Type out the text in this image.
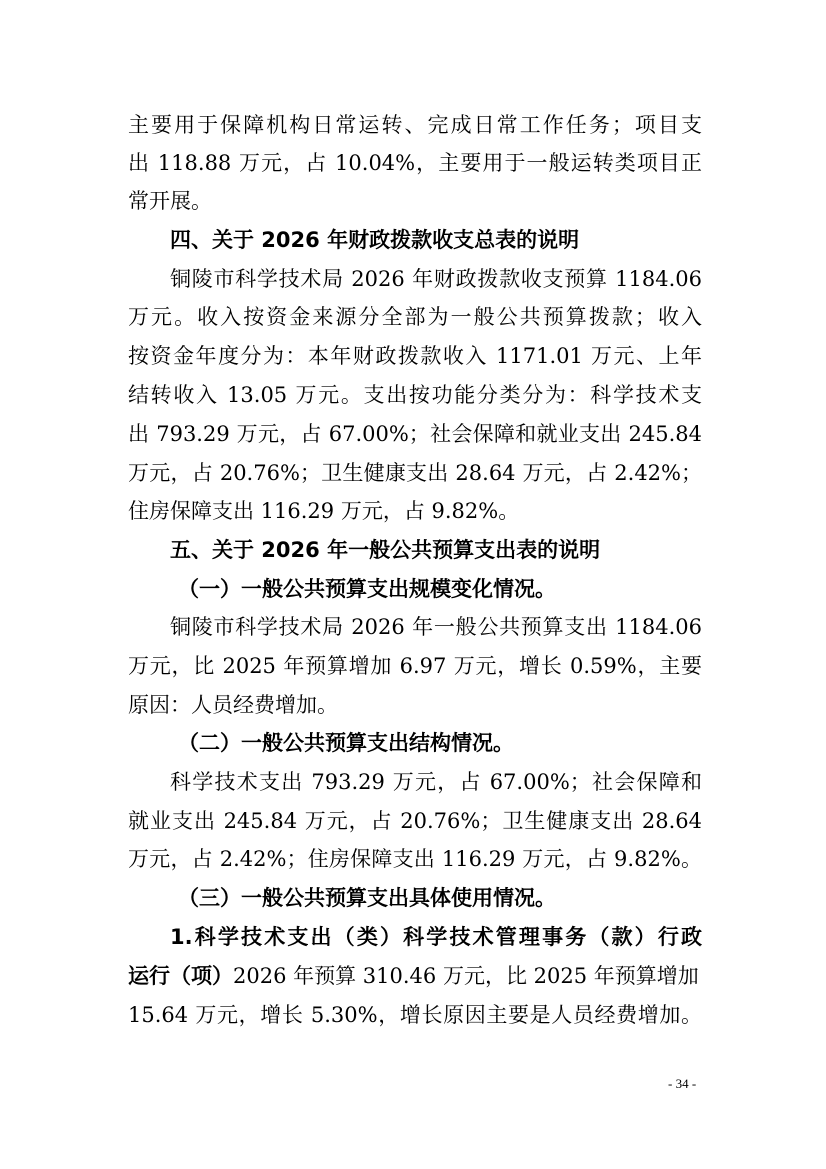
主要用于保障机构日常运转、完成日常工作任务；项目支
出 118.88 万元，占 10.04%，主要用于一般运转类项目正
常开展。
四、关于 2026 年财政拨款收支总表的说明
铜陵市科学技术局 2026 年财政拨款收支预算 1184.06
万元。收入按资金来源分全部为一般公共预算拨款；收入
按资金年度分为：本年财政拨款收入 1171.01 万元、上年
结转收入 13.05 万元。支出按功能分类分为：科学技术支
出 793.29 万元，占 67.00%；社会保障和就业支出 245.84
万元，占 20.76%；卫生健康支出 28.64 万元，占 2.42%；
住房保障支出 116.29 万元，占 9.82%。
五、关于 2026 年一般公共预算支出表的说明
（一）一般公共预算支出规模变化情况。
铜陵市科学技术局 2026 年一般公共预算支出 1184.06
万元，比 2025 年预算增加 6.97 万元，增长 0.59%，主要
原因：人员经费增加。
（二）一般公共预算支出结构情况。
科学技术支出 793.29 万元，占 67.00%；社会保障和
就业支出 245.84 万元，占 20.76%；卫生健康支出 28.64
万元，占 2.42%；住房保障支出 116.29 万元，占 9.82%。
（三）一般公共预算支出具体使用情况。
1.科学技术支出（类）科学技术管理事务（款）行政
运行（项）2026 年预算 310.46 万元，比 2025 年预算增加
15.64 万元，增长 5.30%，增长原因主要是人员经费增加。
- 34 -
